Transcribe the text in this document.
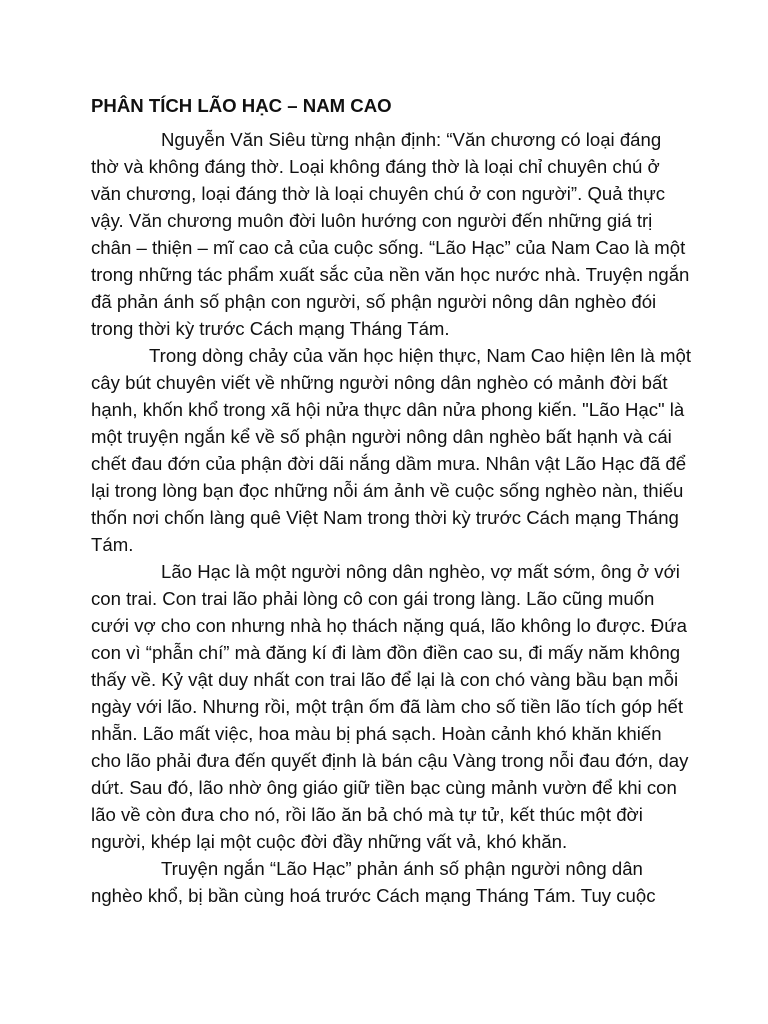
PHÂN TÍCH LÃO HẠC – NAM CAO

Nguyễn Văn Siêu từng nhận định: “Văn chương có loại đáng thờ và không đáng thờ. Loại không đáng thờ là loại chỉ chuyên chú ở văn chương, loại đáng thờ là loại chuyên chú ở con người”. Quả thực vậy. Văn chương muôn đời luôn hướng con người đến những giá trị chân – thiện – mĩ cao cả của cuộc sống. “Lão Hạc” của Nam Cao là một trong những tác phẩm xuất sắc của nền văn học nước nhà. Truyện ngắn đã phản ánh số phận con người, số phận người nông dân nghèo đói trong thời kỳ trước Cách mạng Tháng Tám.

Trong dòng chảy của văn học hiện thực, Nam Cao hiện lên là một cây bút chuyên viết về những người nông dân nghèo có mảnh đời bất hạnh, khốn khổ trong xã hội nửa thực dân nửa phong kiến. "Lão Hạc" là một truyện ngắn kể về số phận người nông dân nghèo bất hạnh và cái chết đau đớn của phận đời dãi nắng dầm mưa. Nhân vật Lão Hạc đã để lại trong lòng bạn đọc những nỗi ám ảnh về cuộc sống nghèo nàn, thiếu thốn nơi chốn làng quê Việt Nam trong thời kỳ trước Cách mạng Tháng Tám.

Lão Hạc là một người nông dân nghèo, vợ mất sớm, ông ở với con trai. Con trai lão phải lòng cô con gái trong làng. Lão cũng muốn cưới vợ cho con nhưng nhà họ thách nặng quá, lão không lo được. Đứa con vì “phẫn chí” mà đăng kí đi làm đồn điền cao su, đi mấy năm không thấy về. Kỷ vật duy nhất con trai lão để lại là con chó vàng bầu bạn mỗi ngày với lão. Nhưng rồi, một trận ốm đã làm cho số tiền lão tích góp hết nhẵn. Lão mất việc, hoa màu bị phá sạch. Hoàn cảnh khó khăn khiến cho lão phải đưa đến quyết định là bán cậu Vàng trong nỗi đau đớn, day dứt. Sau đó, lão nhờ ông giáo giữ tiền bạc cùng mảnh vườn để khi con lão về còn đưa cho nó, rồi lão ăn bả chó mà tự tử, kết thúc một đời người, khép lại một cuộc đời đầy những vất vả, khó khăn.

Truyện ngắn “Lão Hạc” phản ánh số phận người nông dân nghèo khổ, bị bần cùng hoá trước Cách mạng Tháng Tám. Tuy cuộc
